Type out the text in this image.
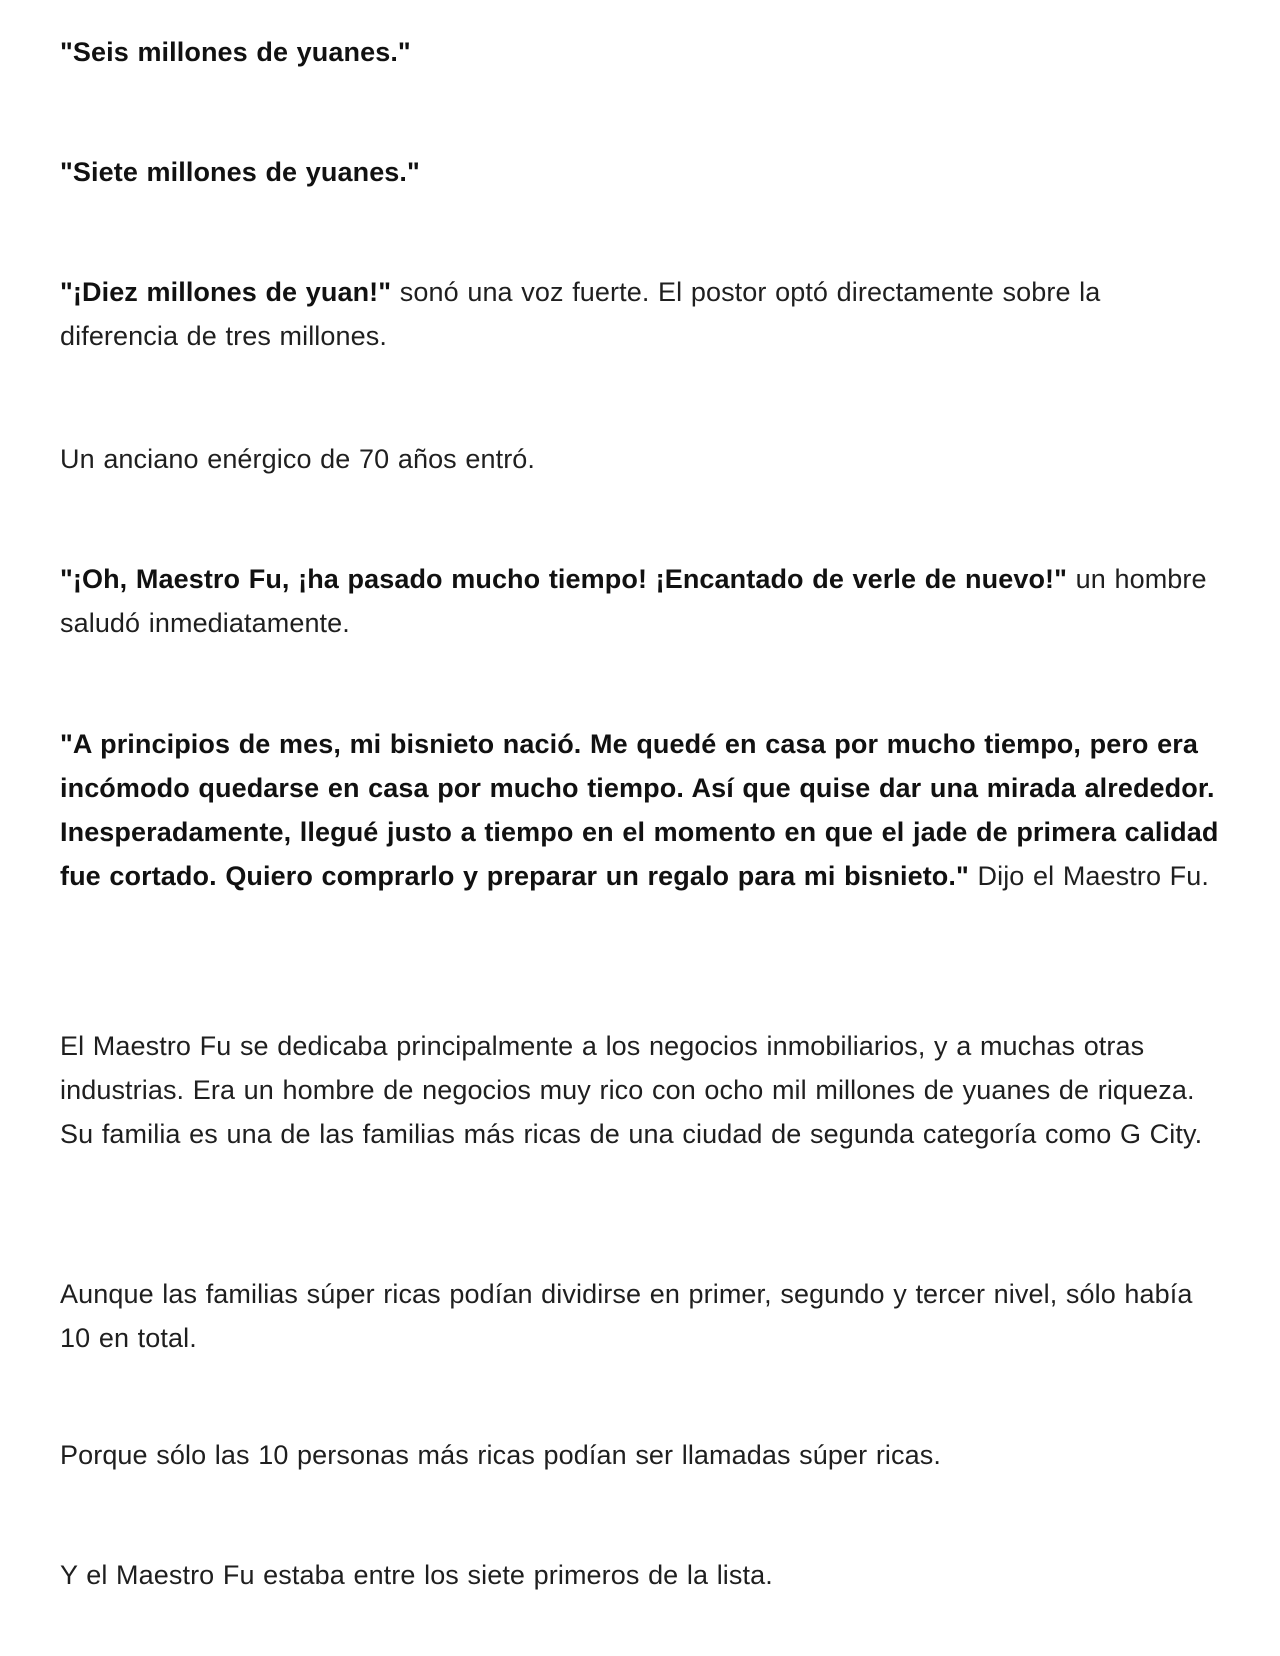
"Seis millones de yuanes."

"Siete millones de yuanes."

"¡Diez millones de yuan!" sonó una voz fuerte. El postor optó directamente sobre la diferencia de tres millones.

Un anciano enérgico de 70 años entró.

"¡Oh, Maestro Fu, ¡ha pasado mucho tiempo! ¡Encantado de verle de nuevo!" un hombre saludó inmediatamente.

"A principios de mes, mi bisnieto nació. Me quedé en casa por mucho tiempo, pero era incómodo quedarse en casa por mucho tiempo. Así que quise dar una mirada alrededor. Inesperadamente, llegué justo a tiempo en el momento en que el jade de primera calidad fue cortado. Quiero comprarlo y preparar un regalo para mi bisnieto." Dijo el Maestro Fu.

El Maestro Fu se dedicaba principalmente a los negocios inmobiliarios, y a muchas otras industrias. Era un hombre de negocios muy rico con ocho mil millones de yuanes de riqueza. Su familia es una de las familias más ricas de una ciudad de segunda categoría como G City.

Aunque las familias súper ricas podían dividirse en primer, segundo y tercer nivel, sólo había 10 en total.

Porque sólo las 10 personas más ricas podían ser llamadas súper ricas.

Y el Maestro Fu estaba entre los siete primeros de la lista.
